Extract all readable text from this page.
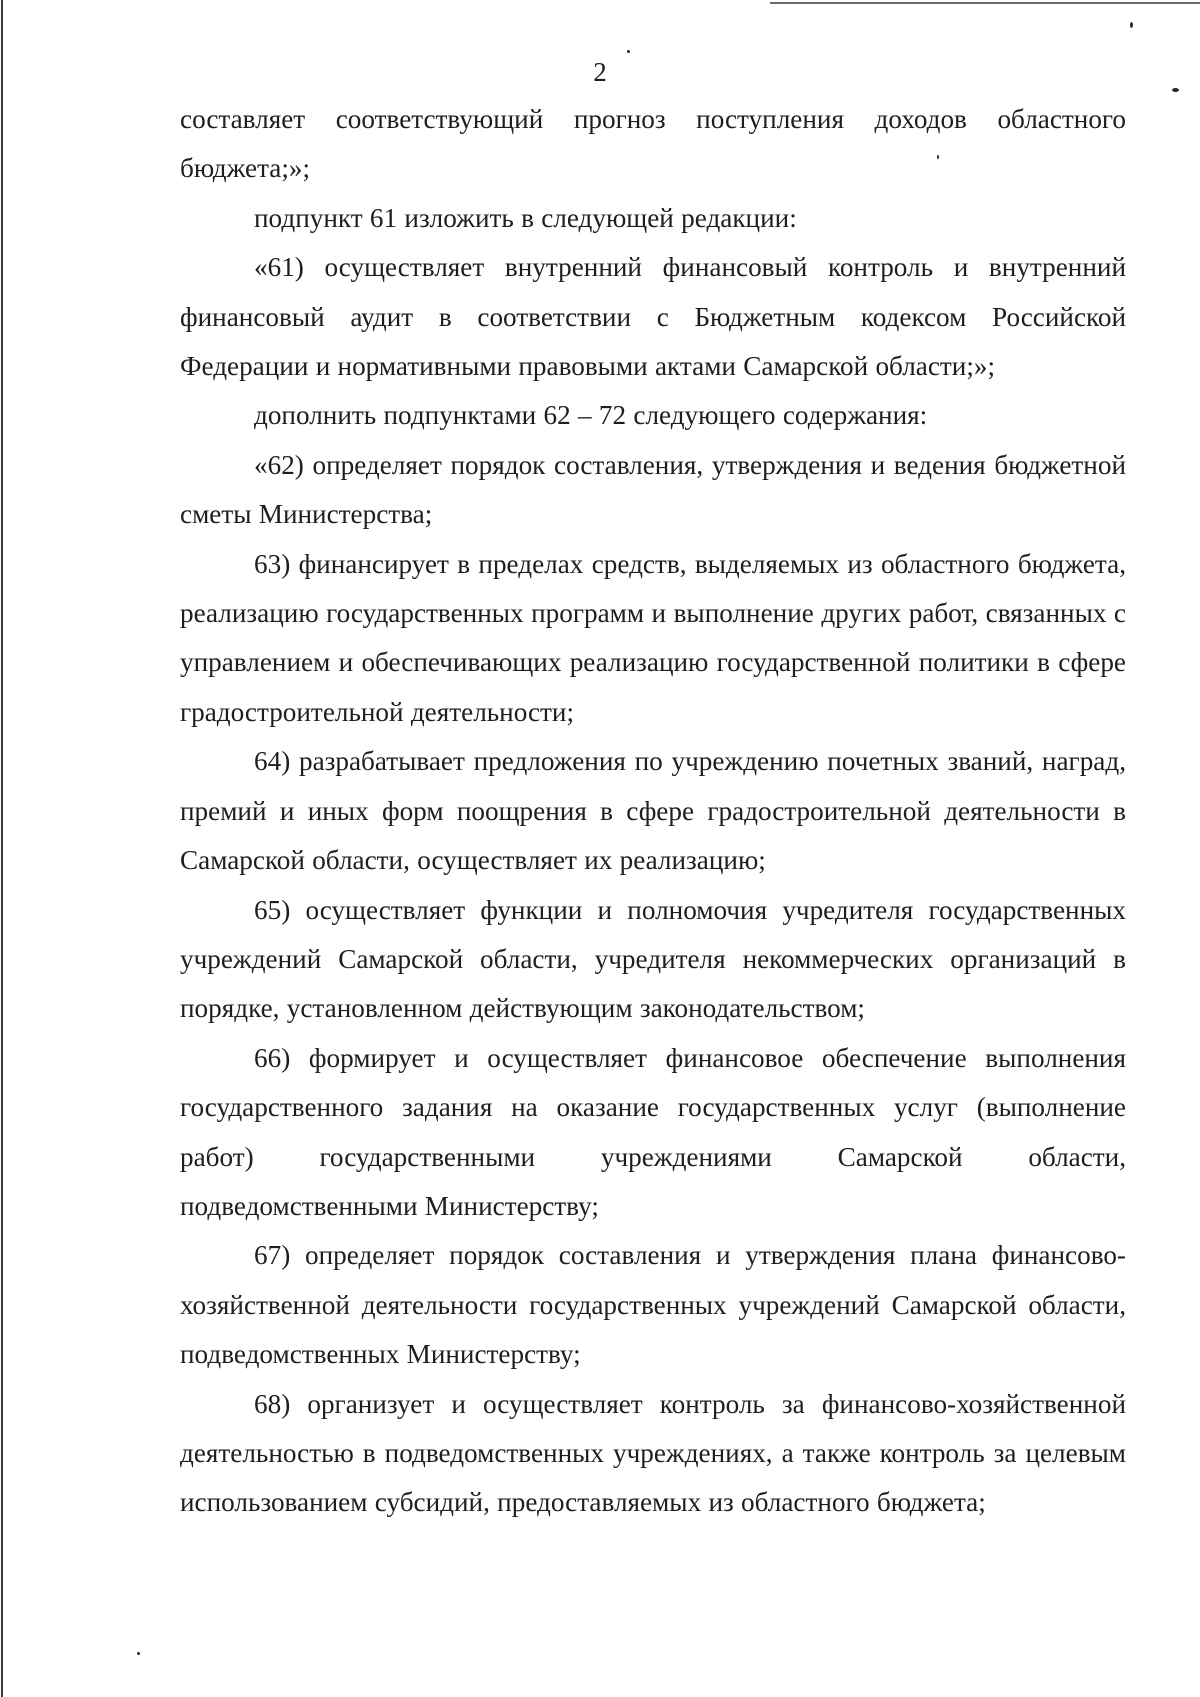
2

составляет соответствующий прогноз поступления доходов областного бюджета;»;

подпункт 61 изложить в следующей редакции:

«61) осуществляет внутренний финансовый контроль и внутренний финансовый аудит в соответствии с Бюджетным кодексом Российской Федерации и нормативными правовыми актами Самарской области;»;

дополнить подпунктами 62 – 72 следующего содержания:

«62) определяет порядок составления, утверждения и ведения бюджетной сметы Министерства;

63) финансирует в пределах средств, выделяемых из областного бюджета, реализацию государственных программ и выполнение других работ, связанных с управлением и обеспечивающих реализацию государственной политики в сфере градостроительной деятельности;

64) разрабатывает предложения по учреждению почетных званий, наград, премий и иных форм поощрения в сфере градостроительной деятельности в Самарской области, осуществляет их реализацию;

65) осуществляет функции и полномочия учредителя государственных учреждений Самарской области, учредителя некоммерческих организаций в порядке, установленном действующим законодательством;

66) формирует и осуществляет финансовое обеспечение выполнения государственного задания на оказание государственных услуг (выполнение работ) государственными учреждениями Самарской области, подведомственными Министерству;

67) определяет порядок составления и утверждения плана финансово-хозяйственной деятельности государственных учреждений Самарской области, подведомственных Министерству;

68) организует и осуществляет контроль за финансово-хозяйственной деятельностью в подведомственных учреждениях, а также контроль за целевым использованием субсидий, предоставляемых из областного бюджета;
